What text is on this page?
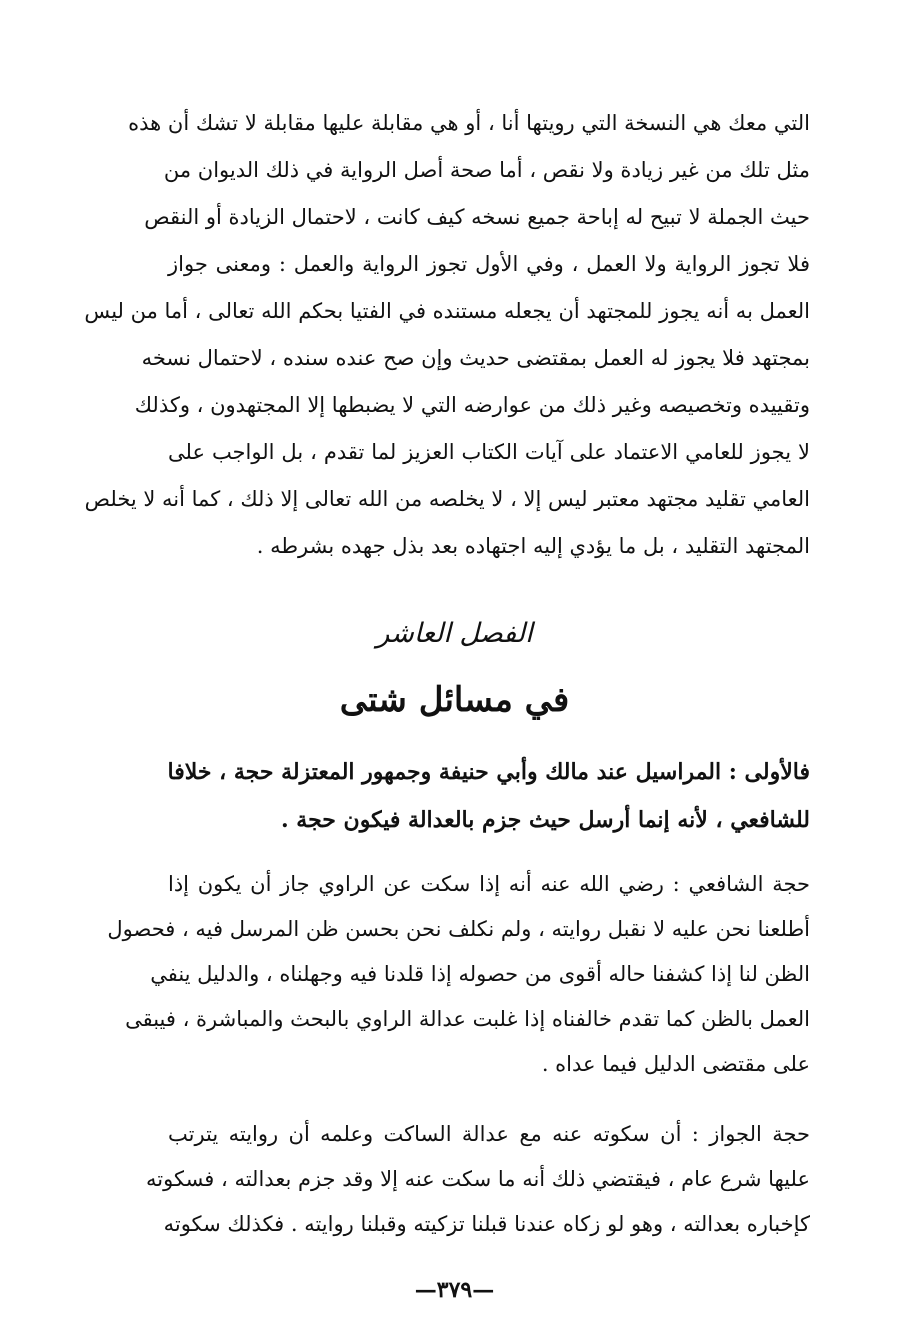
التي معك هي النسخة التي رويتها أنا ، أو هي مقابلة عليها مقابلة لا تشك أن هذه
مثل تلك من غير زيادة ولا نقص ، أما صحة أصل الرواية في ذلك الديوان من
حيث الجملة لا تبيح له إباحة جميع نسخه كيف كانت ، لاحتمال الزيادة أو النقص
فلا تجوز الرواية ولا العمل ، وفي الأول تجوز الرواية والعمل : ومعنى جواز
العمل به أنه يجوز للمجتهد أن يجعله مستنده في الفتيا بحكم الله تعالى ، أما من ليس
بمجتهد فلا يجوز له العمل بمقتضى حديث وإن صح عنده سنده ، لاحتمال نسخه
وتقييده وتخصيصه وغير ذلك من عوارضه التي لا يضبطها إلا المجتهدون ، وكذلك
لا يجوز للعامي الاعتماد على آيات الكتاب العزيز لما تقدم ، بل الواجب على
العامي تقليد مجتهد معتبر ليس إلا ، لا يخلصه من الله تعالى إلا ذلك ، كما أنه لا يخلص
المجتهد التقليد ، بل ما يؤدي إليه اجتهاده بعد بذل جهده بشرطه .
الفصل العاشر
في مسائل شتى
فالأولى : المراسيل عند مالك وأبي حنيفة وجمهور المعتزلة حجة ، خلافا
للشافعي ، لأنه إنما أرسل حيث جزم بالعدالة فيكون حجة .
حجة الشافعي : رضي الله عنه أنه إذا سكت عن الراوي جاز أن يكون إذا
أطلعنا نحن عليه لا نقبل روايته ، ولم نكلف نحن بحسن ظن المرسل فيه ، فحصول
الظن لنا إذا كشفنا حاله أقوى من حصوله إذا قلدنا فيه وجهلناه ، والدليل ينفي
العمل بالظن كما تقدم خالفناه إذا غلبت عدالة الراوي بالبحث والمباشرة ، فيبقى
على مقتضى الدليل فيما عداه .
حجة الجواز : أن سكوته عنه مع عدالة الساكت وعلمه أن روايته يترتب
عليها شرع عام ، فيقتضي ذلك أنه ما سكت عنه إلا وقد جزم بعدالته ، فسكوته
كإخباره بعدالته ، وهو لو زكاه عندنا قبلنا تزكيته وقبلنا روايته . فكذلك سكوته
—٣٧٩—
